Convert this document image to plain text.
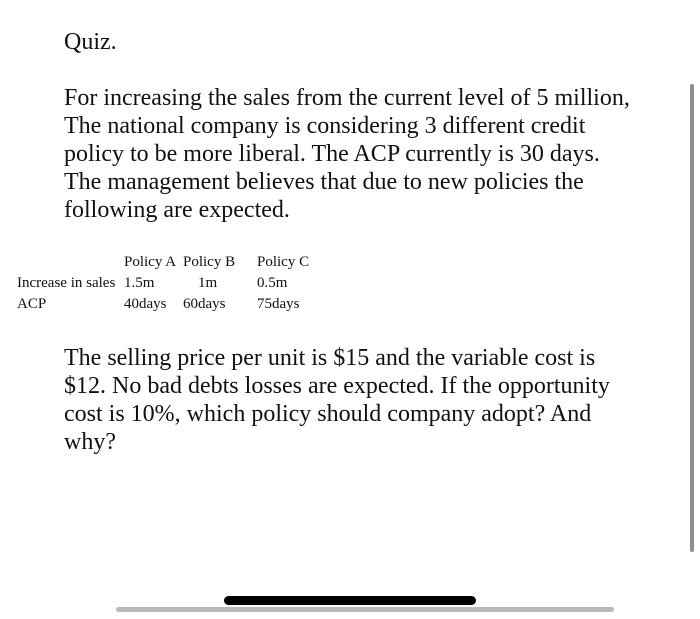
Quiz.
For increasing the sales from the current level of 5 million,
The national company is considering 3 different credit
policy to be more liberal. The ACP currently is 30 days.
The management believes that due to new policies the
following are expected.
	Policy A	Policy B	Policy C
Increase in sales	1.5m	1m	0.5m
ACP	40days	60days	75days
The selling price per unit is $15 and the variable cost is
$12. No bad debts losses are expected. If the opportunity
cost is 10%, which policy should company adopt? And
why?
